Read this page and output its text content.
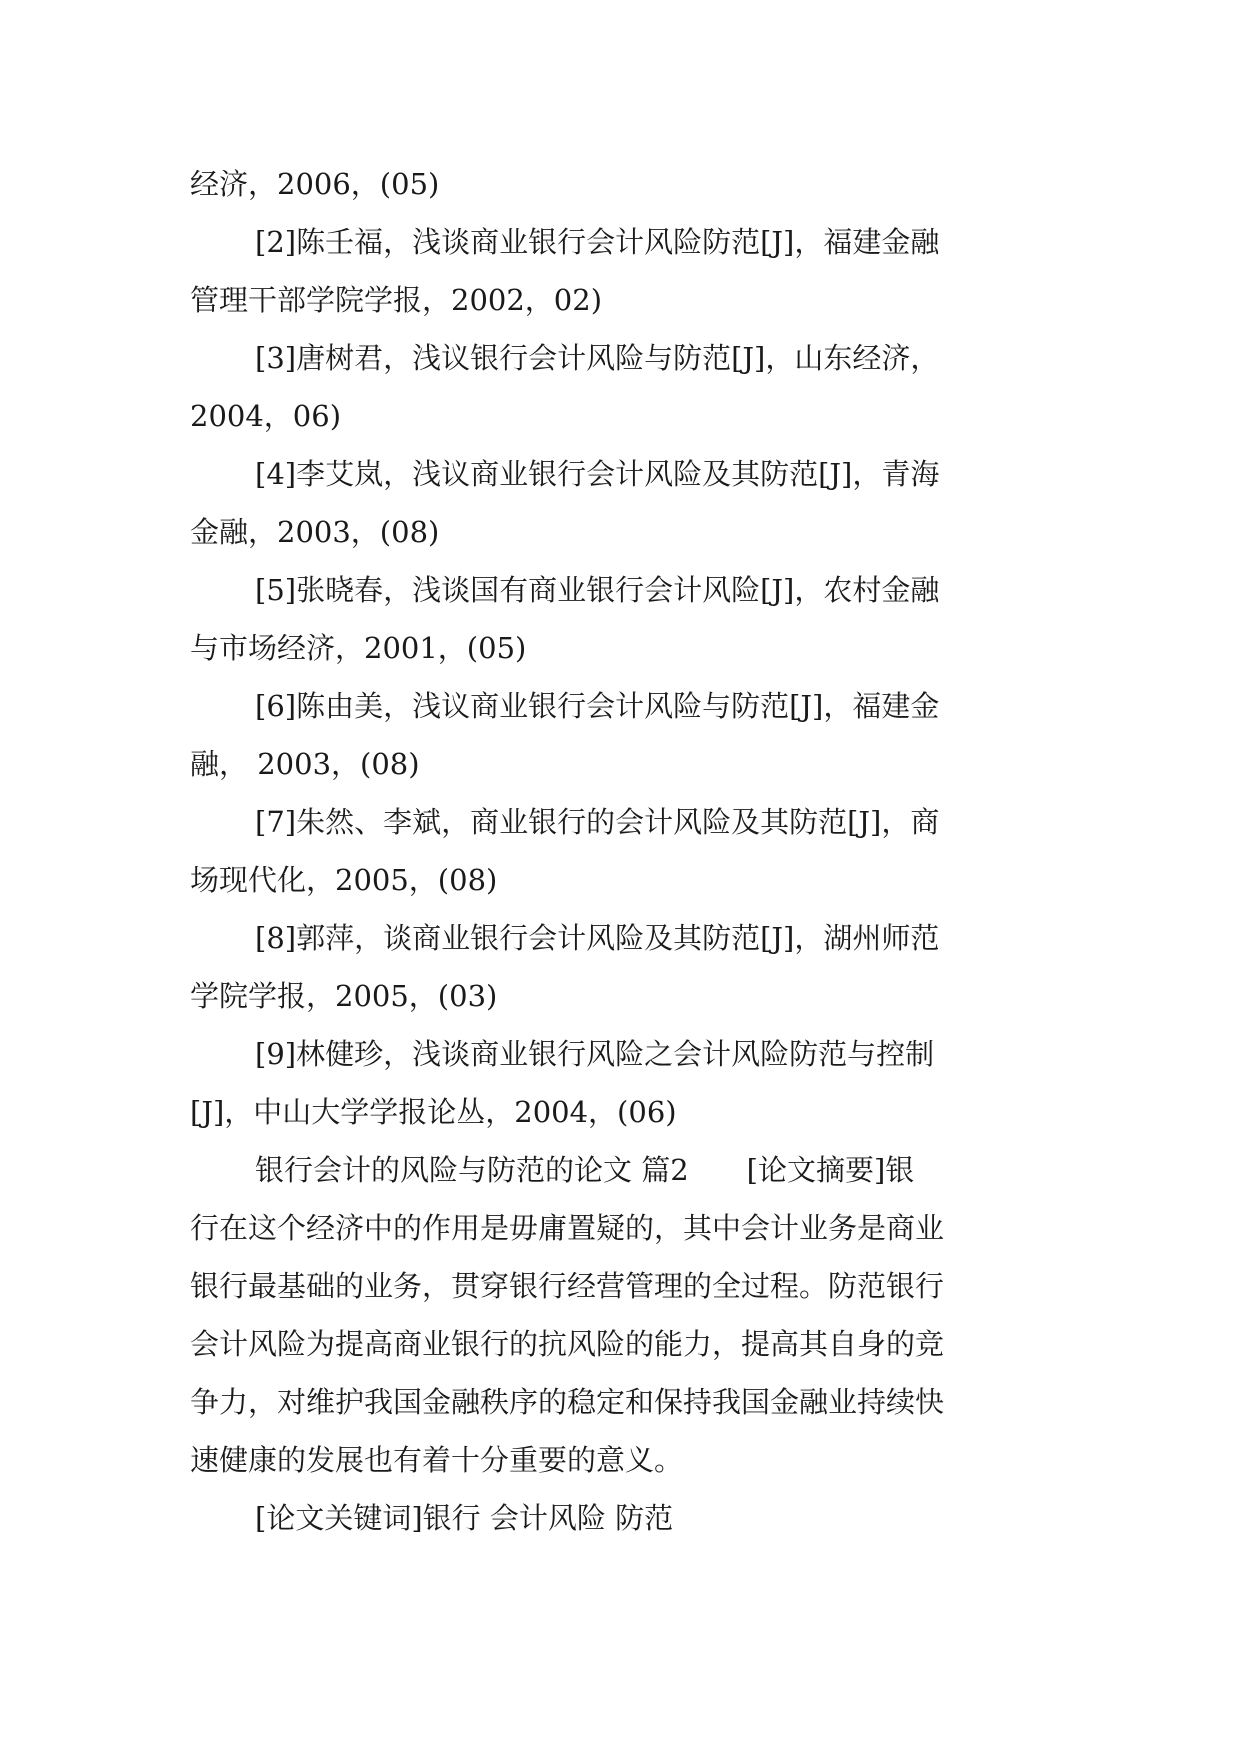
经济，2006，(05)
[2]陈壬福，浅谈商业银行会计风险防范[J]，福建金融
管理干部学院学报，2002，02)
[3]唐树君，浅议银行会计风险与防范[J]，山东经济，
2004，06)
[4]李艾岚，浅议商业银行会计风险及其防范[J]，青海
金融，2003，(08)
[5]张晓春，浅谈国有商业银行会计风险[J]，农村金融
与市场经济，2001，(05)
[6]陈由美，浅议商业银行会计风险与防范[J]，福建金
融， 2003，(08)
[7]朱然、李斌，商业银行的会计风险及其防范[J]，商
场现代化，2005，(08)
[8]郭萍，谈商业银行会计风险及其防范[J]，湖州师范
学院学报，2005，(03)
[9]林健珍，浅谈商业银行风险之会计风险防范与控制
[J]，中山大学学报论丛，2004，(06)
银行会计的风险与防范的论文 篇2　　[论文摘要]银
行在这个经济中的作用是毋庸置疑的，其中会计业务是商业
银行最基础的业务，贯穿银行经营管理的全过程。防范银行
会计风险为提高商业银行的抗风险的能力，提高其自身的竞
争力，对维护我国金融秩序的稳定和保持我国金融业持续快
速健康的发展也有着十分重要的意义。
[论文关键词]银行 会计风险 防范
